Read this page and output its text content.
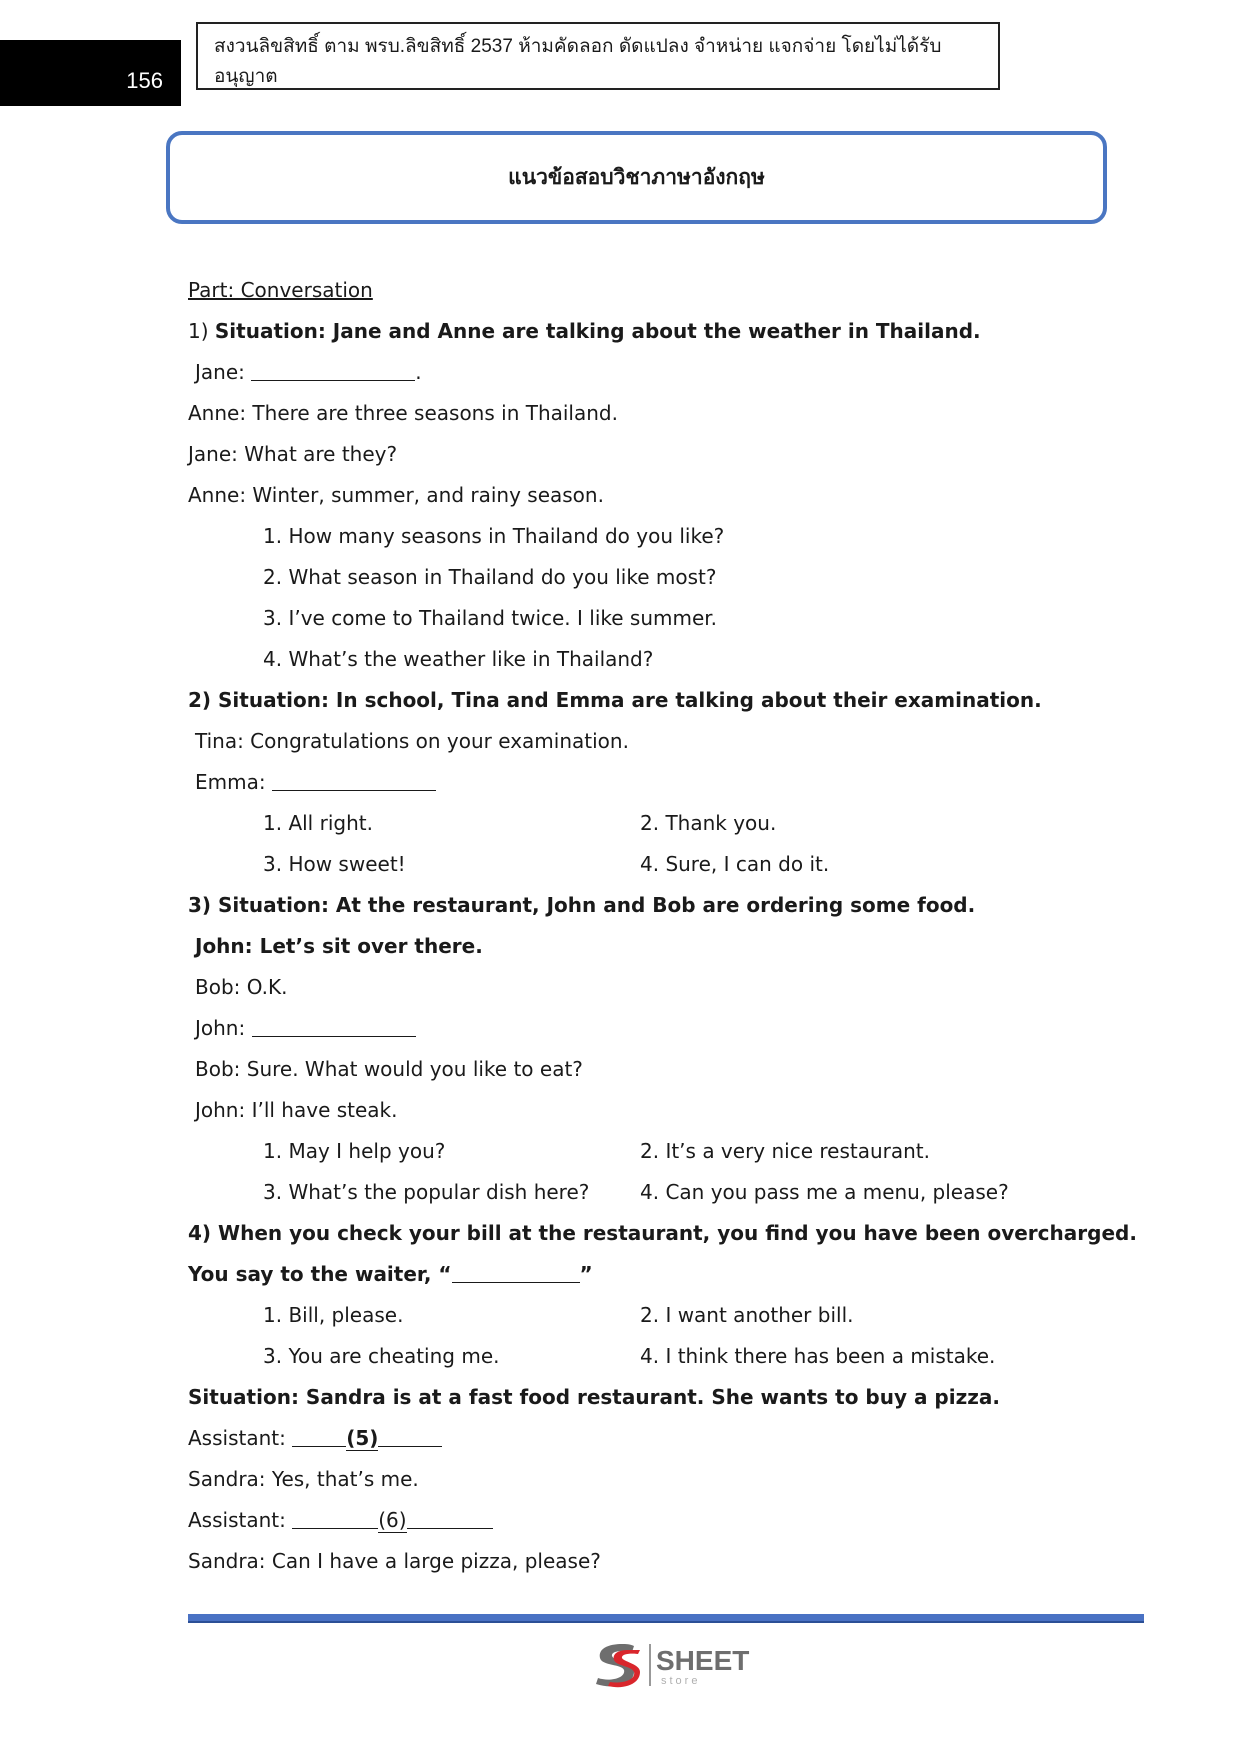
156
สงวนลิขสิทธิ์ ตาม พรบ.ลิขสิทธิ์ 2537 ห้ามคัดลอก ดัดแปลง จำหน่าย แจกจ่าย โดยไม่ได้รับอนุญาต
แนวข้อสอบวิชาภาษาอังกฤษ
Part: Conversation
1) Situation: Jane and Anne are talking about the weather in Thailand.
Jane:	.
Anne: There are three seasons in Thailand.
Jane: What are they?
Anne: Winter, summer, and rainy season.
1. How many seasons in Thailand do you like?
2. What season in Thailand do you like most?
3. I’ve come to Thailand twice. I like summer.
4. What’s the weather like in Thailand?
2) Situation: In school, Tina and Emma are talking about their examination.
Tina: Congratulations on your examination.
Emma:
1. All right.	2. Thank you.
3. How sweet!	4. Sure, I can do it.
3) Situation: At the restaurant, John and Bob are ordering some food.
John: Let’s sit over there.
Bob: O.K.
John:
Bob: Sure. What would you like to eat?
John: I’ll have steak.
1. May I help you?	2. It’s a very nice restaurant.
3. What’s the popular dish here?	4. Can you pass me a menu, please?
4) When you check your bill at the restaurant, you find you have been overcharged.
You say to the waiter, “	”
1. Bill, please.	2. I want another bill.
3. You are cheating me.	4. I think there has been a mistake.
Situation: Sandra is at a fast food restaurant. She wants to buy a pizza.
Assistant:	(5)
Sandra: Yes, that’s me.
Assistant:	(6)
Sandra: Can I have a large pizza, please?
SHEET
store
